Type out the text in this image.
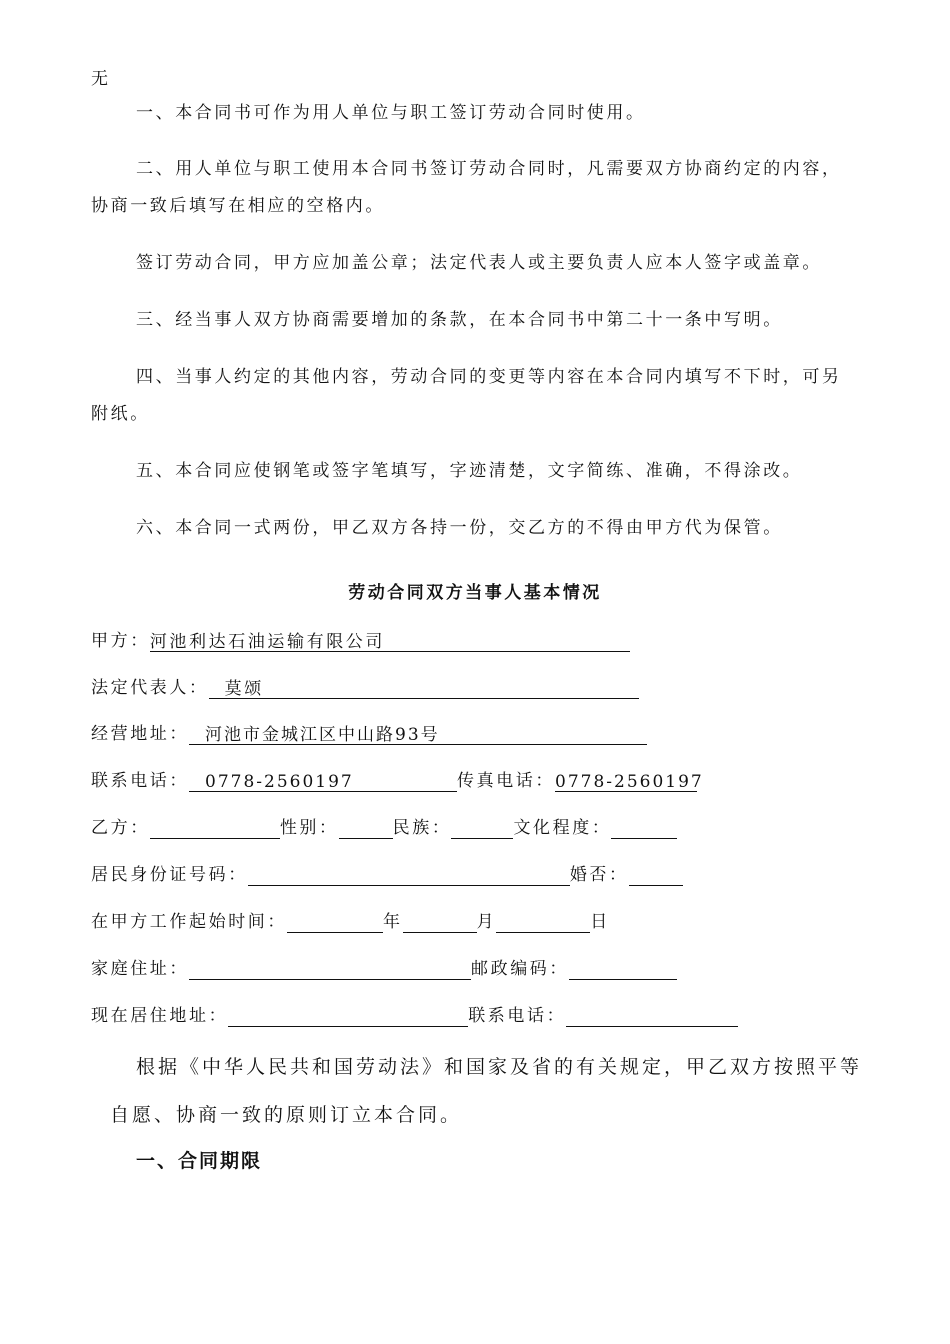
无
一、本合同书可作为用人单位与职工签订劳动合同时使用。
二、用人单位与职工使用本合同书签订劳动合同时，凡需要双方协商约定的内容，
协商一致后填写在相应的空格内。
签订劳动合同，甲方应加盖公章；法定代表人或主要负责人应本人签字或盖章。
三、经当事人双方协商需要增加的条款，在本合同书中第二十一条中写明。
四、当事人约定的其他内容，劳动合同的变更等内容在本合同内填写不下时，可另
附纸。
五、本合同应使钢笔或签字笔填写，字迹清楚，文字简练、准确，不得涂改。
六、本合同一式两份，甲乙双方各持一份，交乙方的不得由甲方代为保管。
劳动合同双方当事人基本情况
甲方：河池利达石油运输有限公司
法定代表人： 莫颂
经营地址： 河池市金城江区中山路93号
联系电话： 0778-2560197	传真电话：0778-2560197
乙方：	性别：	民族：	文化程度：
居民身份证号码：	婚否：
在甲方工作起始时间：	年	月	日
家庭住址：	邮政编码：
现在居住地址：	联系电话：
根据《中华人民共和国劳动法》和国家及省的有关规定，甲乙双方按照平等
自愿、协商一致的原则订立本合同。
一、合同期限
